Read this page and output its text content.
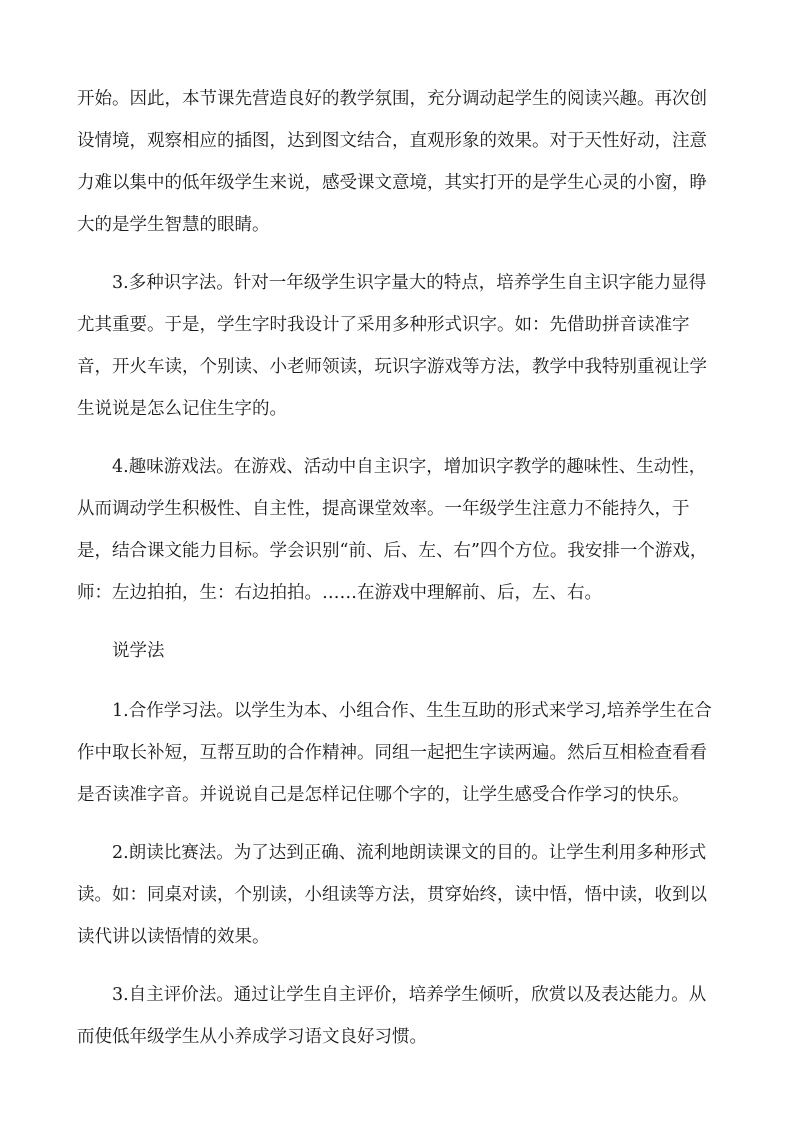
开始。因此，本节课先营造良好的教学氛围，充分调动起学生的阅读兴趣。再次创设情境，观察相应的插图，达到图文结合，直观形象的效果。对于天性好动，注意力难以集中的低年级学生来说，感受课文意境，其实打开的是学生心灵的小窗，睁大的是学生智慧的眼睛。

3.多种识字法。针对一年级学生识字量大的特点，培养学生自主识字能力显得尤其重要。于是，学生字时我设计了采用多种形式识字。如：先借助拼音读准字音，开火车读，个别读、小老师领读，玩识字游戏等方法，教学中我特别重视让学生说说是怎么记住生字的。

4.趣味游戏法。在游戏、活动中自主识字，增加识字教学的趣味性、生动性，从而调动学生积极性、自主性，提高课堂效率。一年级学生注意力不能持久，于是，结合课文能力目标。学会识别“前、后、左、右”四个方位。我安排一个游戏，师：左边拍拍，生：右边拍拍。……在游戏中理解前、后，左、右。

说学法

1.合作学习法。以学生为本、小组合作、生生互助的形式来学习,培养学生在合作中取长补短，互帮互助的合作精神。同组一起把生字读两遍。然后互相检查看看是否读准字音。并说说自己是怎样记住哪个字的，让学生感受合作学习的快乐。

2.朗读比赛法。为了达到正确、流利地朗读课文的目的。让学生利用多种形式读。如：同桌对读，个别读，小组读等方法，贯穿始终，读中悟，悟中读，收到以读代讲以读悟情的效果。

3.自主评价法。通过让学生自主评价，培养学生倾听，欣赏以及表达能力。从而使低年级学生从小养成学习语文良好习惯。
